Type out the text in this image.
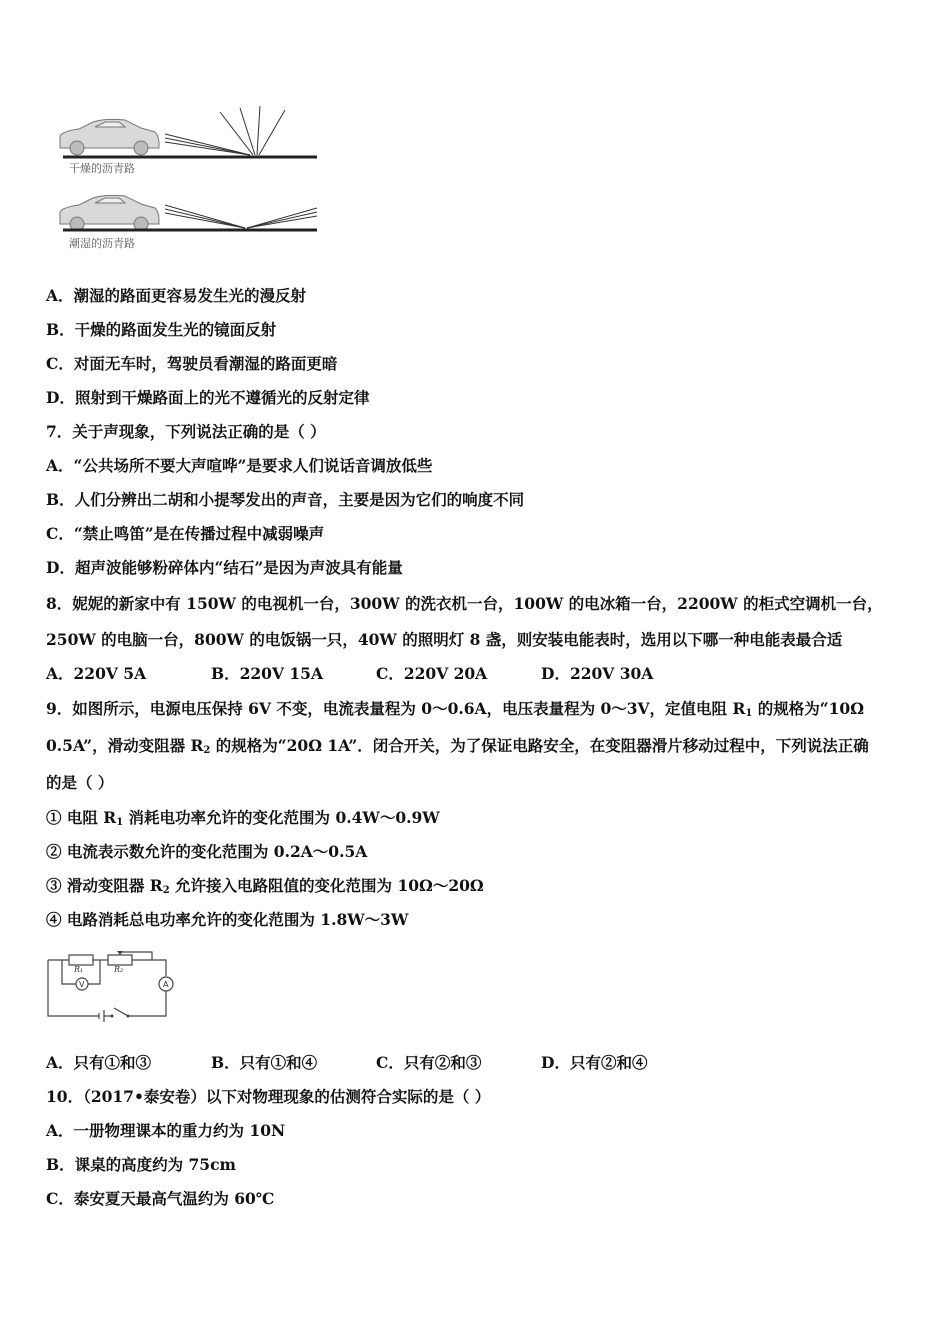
干燥的沥青路
潮湿的沥青路
A．潮湿的路面更容易发生光的漫反射
B．干燥的路面发生光的镜面反射
C．对面无车时，驾驶员看潮湿的路面更暗
D．照射到干燥路面上的光不遵循光的反射定律
7．关于声现象，下列说法正确的是（ ）
A．“公共场所不要大声喧哗”是要求人们说话音调放低些
B．人们分辨出二胡和小提琴发出的声音，主要是因为它们的响度不同
C．“禁止鸣笛”是在传播过程中减弱噪声
D．超声波能够粉碎体内“结石”是因为声波具有能量
8．妮妮的新家中有 150W 的电视机一台，300W 的洗衣机一台，100W 的电冰箱一台，2200W 的柜式空调机一台，
250W 的电脑一台，800W 的电饭锅一只，40W 的照明灯 8 盏，则安装电能表时，选用以下哪一种电能表最合适
A．220V 5A	B．220V 15A	C．220V 20A	D．220V 30A
9．如图所示，电源电压保持 6V 不变，电流表量程为 0～0.6A，电压表量程为 0～3V，定值电阻 $R_1$ 的规格为“10Ω
0.5A”，滑动变阻器 $R_2$ 的规格为“20Ω 1A”．闭合开关，为了保证电路安全，在变阻器滑片移动过程中，下列说法正确
的是（ ）
① 电阻 $R_1$ 消耗电功率允许的变化范围为 0.4W～0.9W
② 电流表示数允许的变化范围为 0.2A～0.5A
③ 滑动变阻器 $R_2$ 允许接入电路阻值的变化范围为 10Ω～20Ω
④ 电路消耗总电功率允许的变化范围为 1.8W～3W
R₁	R₂
V	A
A．只有①和③	B．只有①和④	C．只有②和③	D．只有②和④
10．（2017•泰安卷）以下对物理现象的估测符合实际的是（ ）
A．一册物理课本的重力约为 10N
B．课桌的高度约为 75cm
C．泰安夏天最高气温约为 60℃
